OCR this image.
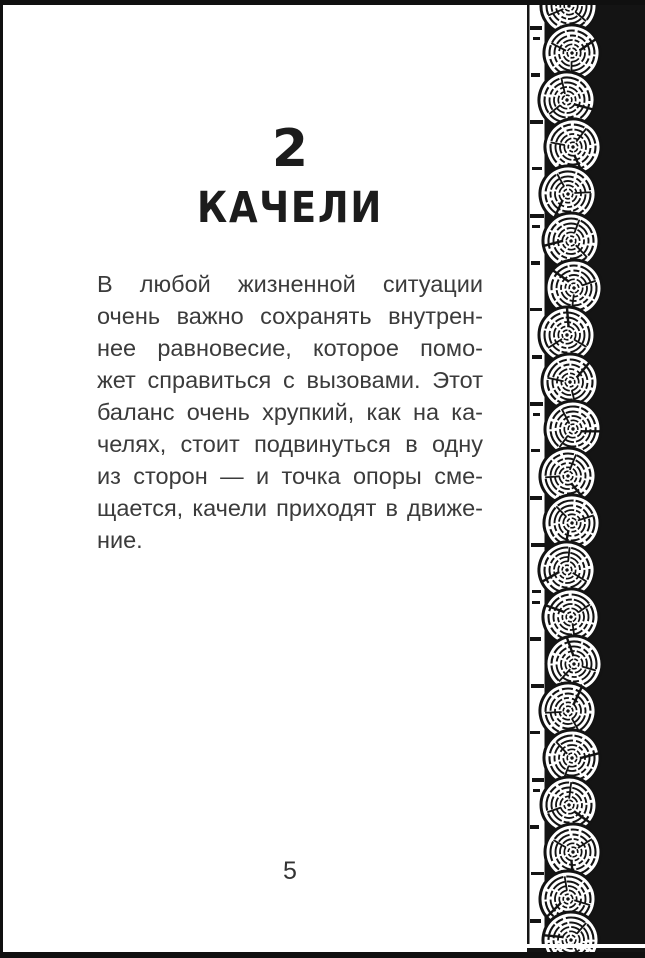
2
КАЧЕЛИ
В любой жизненной ситуации
очень важно сохранять внутрен-
нее равновесие, которое помо-
жет справиться с вызовами. Этот
баланс очень хрупкий, как на ка-
челях, стоит подвинуться в одну
из сторон — и точка опоры сме-
щается, качели приходят в движе-
ние.
5
